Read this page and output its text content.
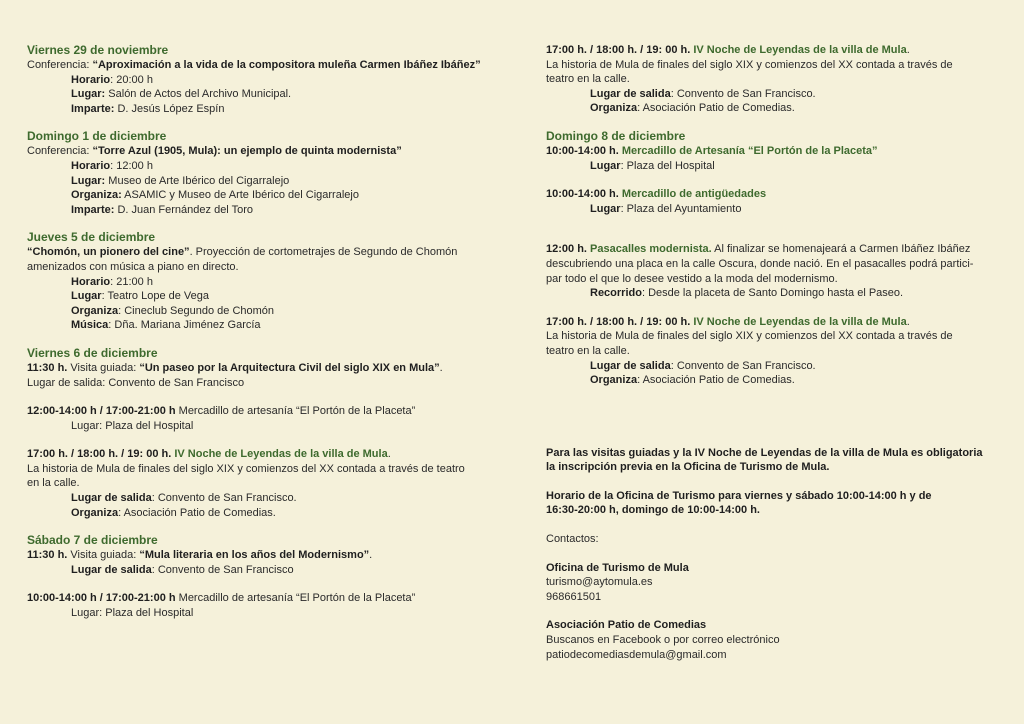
Viernes 29 de noviembre
Conferencia: “Aproximación a la vida de la compositora muleña Carmen Ibáñez Ibáñez”
Horario: 20:00 h
Lugar: Salón de Actos del Archivo Municipal.
Imparte: D. Jesús López Espín
Domingo 1 de diciembre
Conferencia: “Torre Azul (1905, Mula): un ejemplo de quinta modernista”
Horario: 12:00 h
Lugar: Museo de Arte Ibérico del Cigarralejo
Organiza: ASAMIC y Museo de Arte Ibérico del Cigarralejo
Imparte: D. Juan Fernández del Toro
Jueves 5 de diciembre
“Chomón, un pionero del cine”. Proyección de cortometrajes de Segundo de Chomón
amenizados con música a piano en directo.
Horario: 21:00 h
Lugar: Teatro Lope de Vega
Organiza: Cineclub Segundo de Chomón
Música: Dña. Mariana Jiménez García
Viernes 6 de diciembre
11:30 h. Visita guiada: “Un paseo por la Arquitectura Civil del siglo XIX en Mula”.
Lugar de salida: Convento de San Francisco
12:00-14:00 h / 17:00-21:00 h Mercadillo de artesanía “El Portón de la Placeta”
Lugar: Plaza del Hospital
17:00 h. / 18:00 h. / 19: 00 h. IV Noche de Leyendas de la villa de Mula.
La historia de Mula de finales del siglo XIX y comienzos del XX contada a través de teatro
en la calle.
Lugar de salida: Convento de San Francisco.
Organiza: Asociación Patio de Comedias.
Sábado 7 de diciembre
11:30 h. Visita guiada: “Mula literaria en los años del Modernismo”.
Lugar de salida: Convento de San Francisco
10:00-14:00 h / 17:00-21:00 h Mercadillo de artesanía “El Portón de la Placeta”
Lugar: Plaza del Hospital
17:00 h. / 18:00 h. / 19: 00 h. IV Noche de Leyendas de la villa de Mula.
La historia de Mula de finales del siglo XIX y comienzos del XX contada a través de
teatro en la calle.
Lugar de salida: Convento de San Francisco.
Organiza: Asociación Patio de Comedias.
Domingo 8 de diciembre
10:00-14:00 h. Mercadillo de Artesanía “El Portón de la Placeta”
Lugar: Plaza del Hospital
10:00-14:00 h. Mercadillo de antigüedades
Lugar: Plaza del Ayuntamiento
12:00 h. Pasacalles modernista. Al finalizar se homenajeará a Carmen Ibáñez Ibáñez
descubriendo una placa en la calle Oscura, donde nació. En el pasacalles podrá partici-
par todo el que lo desee vestido a la moda del modernismo.
Recorrido: Desde la placeta de Santo Domingo hasta el Paseo.
17:00 h. / 18:00 h. / 19: 00 h. IV Noche de Leyendas de la villa de Mula.
La historia de Mula de finales del siglo XIX y comienzos del XX contada a través de
teatro en la calle.
Lugar de salida: Convento de San Francisco.
Organiza: Asociación Patio de Comedias.
Para las visitas guiadas y la IV Noche de Leyendas de la villa de Mula es obligatoria
la inscripción previa en la Oficina de Turismo de Mula.
Horario de la Oficina de Turismo para viernes y sábado 10:00-14:00 h y de
16:30-20:00 h, domingo de 10:00-14:00 h.
Contactos:
Oficina de Turismo de Mula
turismo@aytomula.es
968661501
Asociación Patio de Comedias
Buscanos en Facebook o por correo electrónico
patiodecomediasdemula@gmail.com
